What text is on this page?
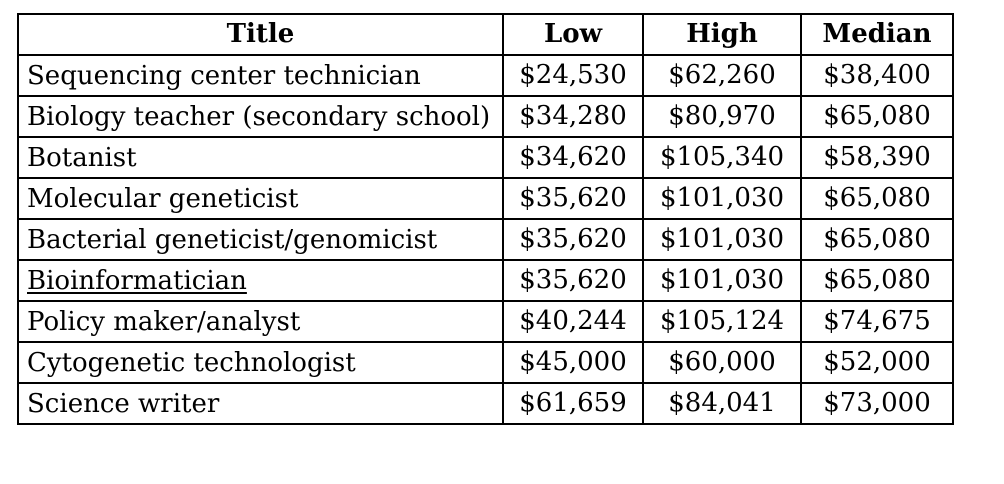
Title	Low	High	Median
Sequencing center technician	$24,530	$62,260	$38,400
Biology teacher (secondary school)	$34,280	$80,970	$65,080
Botanist	$34,620	$105,340	$58,390
Molecular geneticist	$35,620	$101,030	$65,080
Bacterial geneticist/genomicist	$35,620	$101,030	$65,080
Bioinformatician	$35,620	$101,030	$65,080
Policy maker/analyst	$40,244	$105,124	$74,675
Cytogenetic technologist	$45,000	$60,000	$52,000
Science writer	$61,659	$84,041	$73,000
